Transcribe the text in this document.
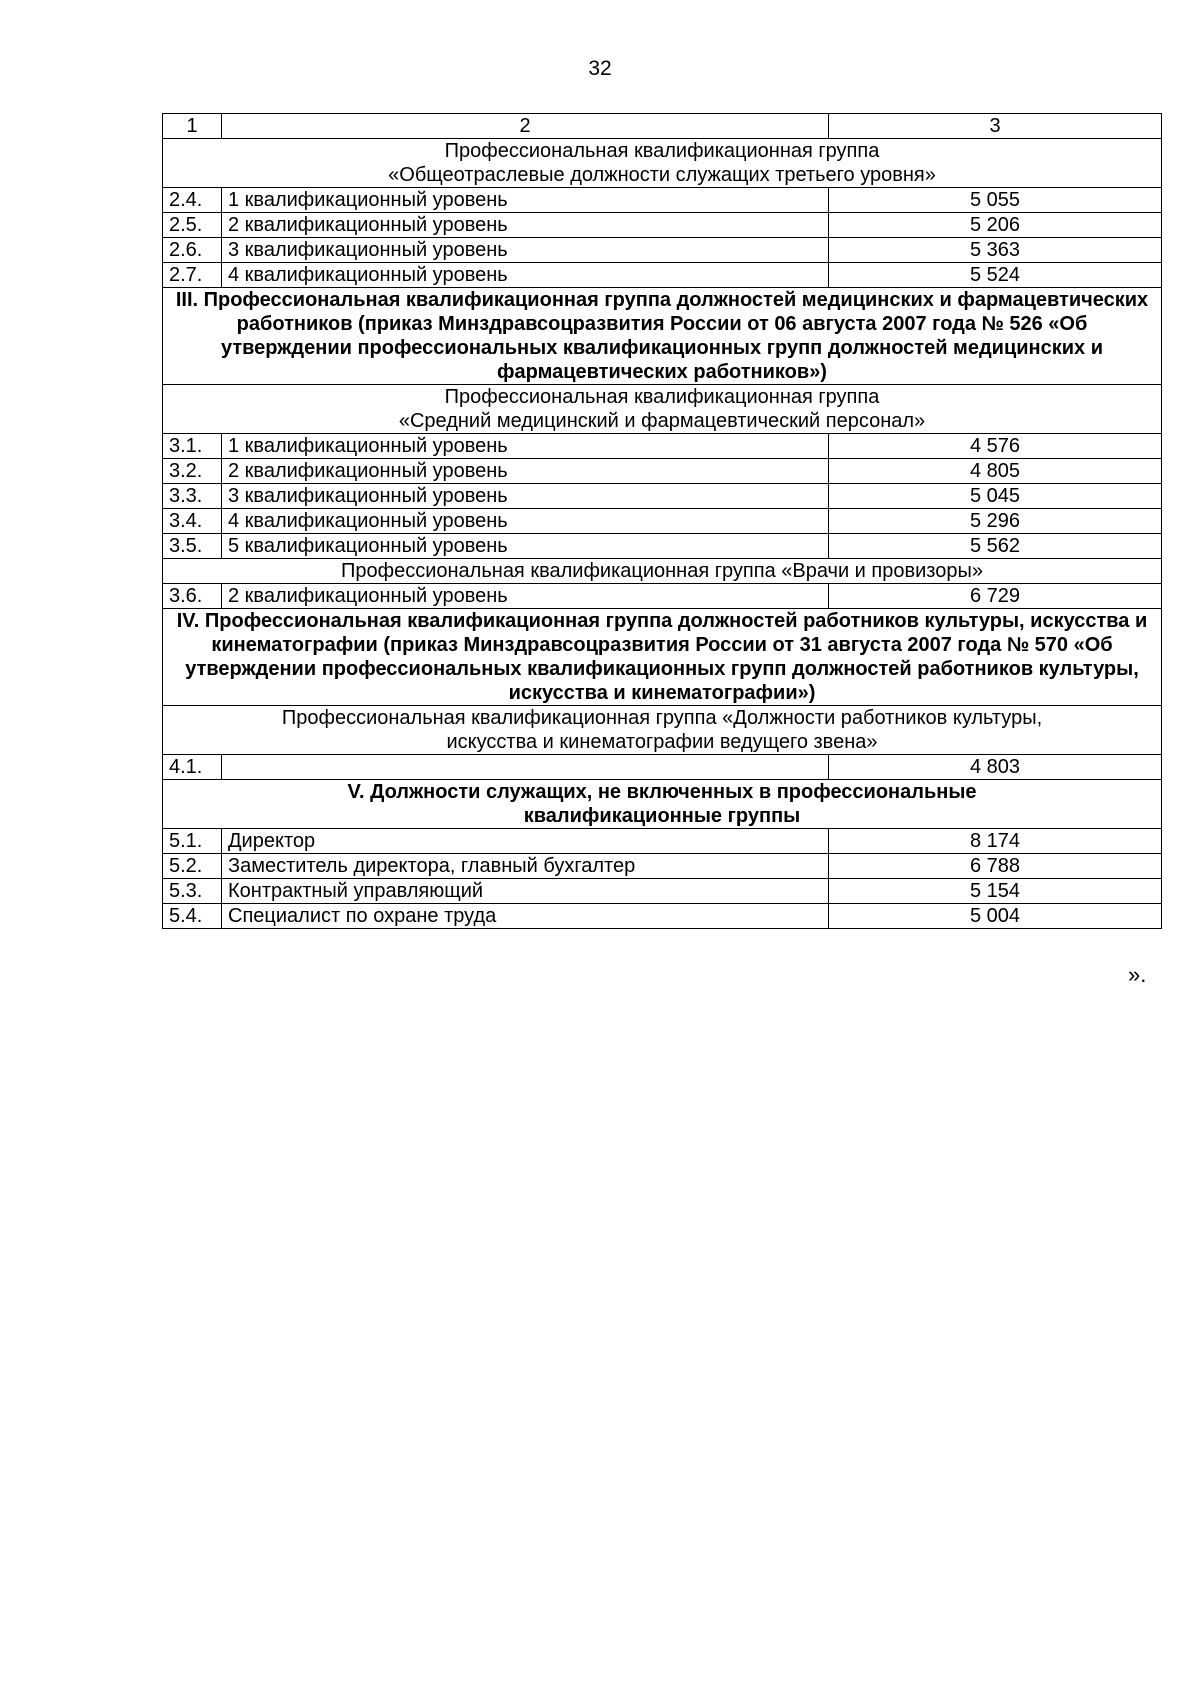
32
1	2	3
Профессиональная квалификационная группа
«Общеотраслевые должности служащих третьего уровня»		
2.4.	1 квалификационный уровень	5 055
2.5.	2 квалификационный уровень	5 206
2.6.	3 квалификационный уровень	5 363
2.7.	4 квалификационный уровень	5 524
III. Профессиональная квалификационная группа должностей медицинских и фармацевтических работников (приказ Минздравсоцразвития России от 06 августа 2007 года № 526 «Об утверждении профессиональных квалификационных групп должностей медицинских и фармацевтических работников»)		
Профессиональная квалификационная группа
«Средний медицинский и фармацевтический персонал»		
3.1.	1 квалификационный уровень	4 576
3.2.	2 квалификационный уровень	4 805
3.3.	3 квалификационный уровень	5 045
3.4.	4 квалификационный уровень	5 296
3.5.	5 квалификационный уровень	5 562
Профессиональная квалификационная группа «Врачи и провизоры»		
3.6.	2 квалификационный уровень	6 729
IV. Профессиональная квалификационная группа должностей работников культуры, искусства и кинематографии (приказ Минздравсоцразвития России от 31 августа 2007 года № 570 «Об утверждении профессиональных квалификационных групп должностей работников культуры, искусства и кинематографии»)		
Профессиональная квалификационная группа «Должности работников культуры,
искусства и кинематографии ведущего звена»		
4.1.		4 803
V. Должности служащих, не включенных в профессиональные
квалификационные группы		
5.1.	Директор	8 174
5.2.	Заместитель директора, главный бухгалтер	6 788
5.3.	Контрактный управляющий	5 154
5.4.	Специалист по охране труда	5 004
».
